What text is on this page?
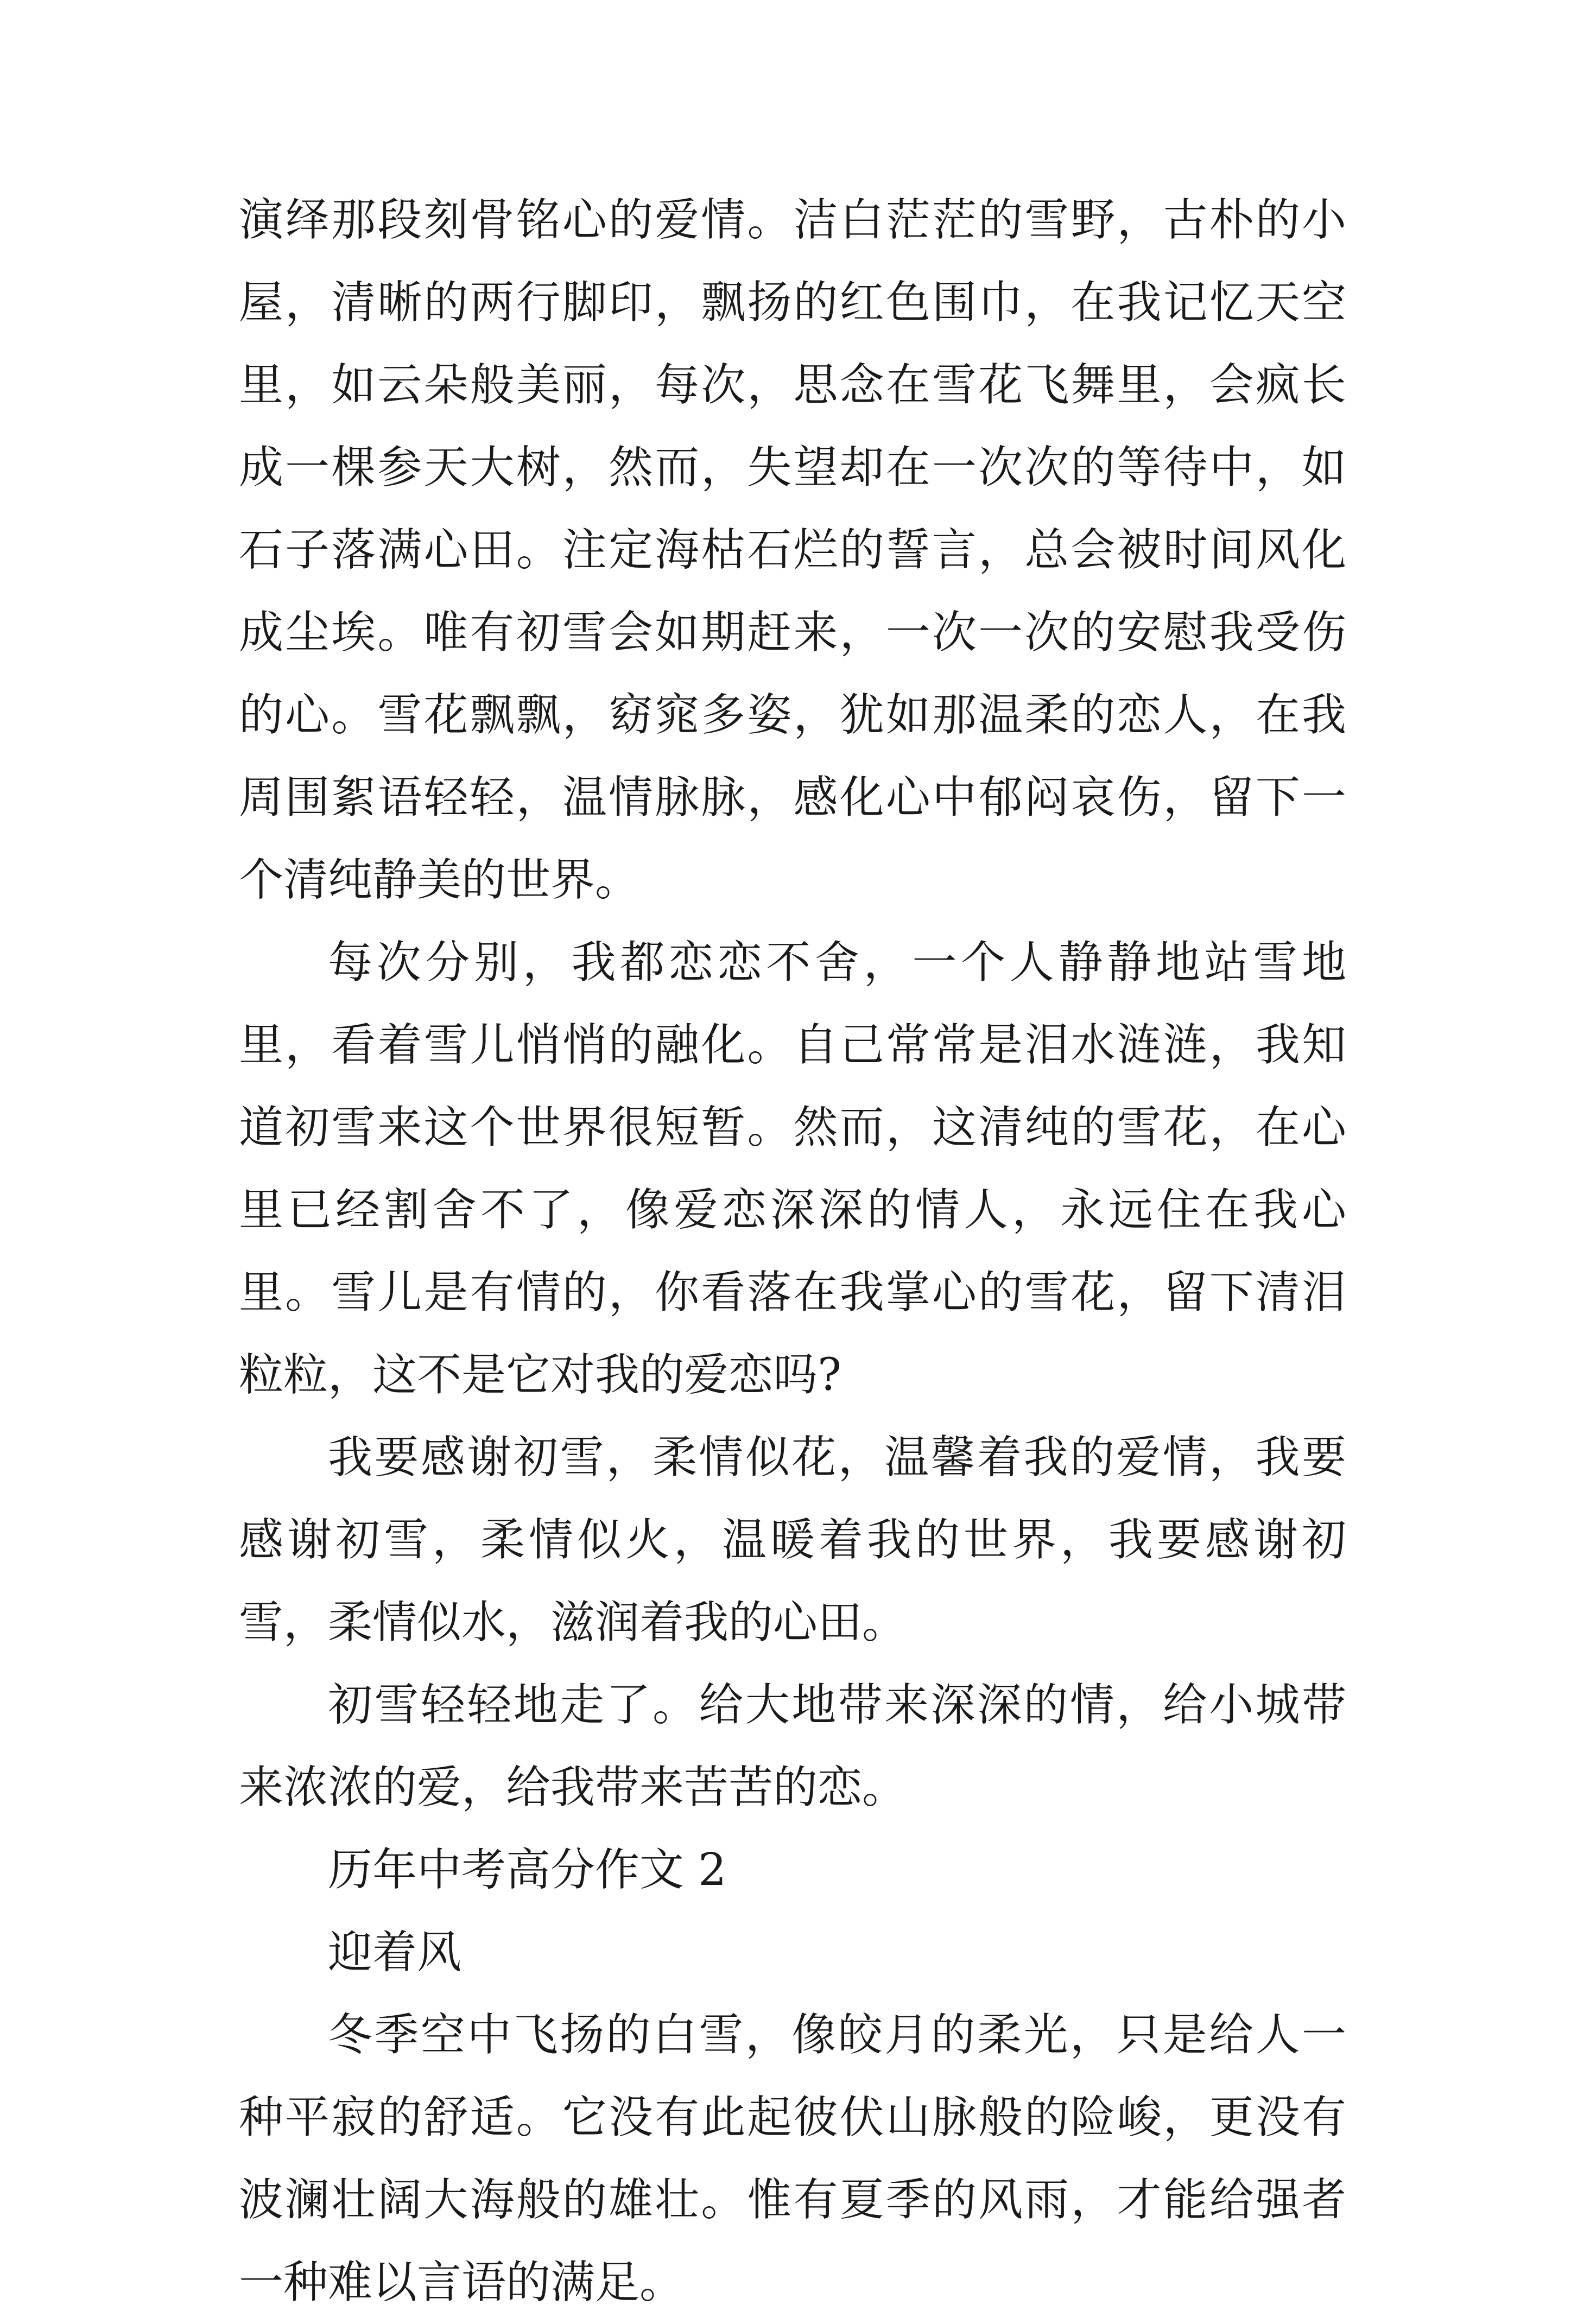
演绎那段刻骨铭心的爱情。洁白茫茫的雪野，古朴的小屋，清晰的两行脚印，飘扬的红色围巾，在我记忆天空里，如云朵般美丽，每次，思念在雪花飞舞里，会疯长成一棵参天大树，然而，失望却在一次次的等待中，如石子落满心田。注定海枯石烂的誓言，总会被时间风化成尘埃。唯有初雪会如期赶来，一次一次的安慰我受伤的心。雪花飘飘，窈窕多姿，犹如那温柔的恋人，在我周围絮语轻轻，温情脉脉，感化心中郁闷哀伤，留下一个清纯静美的世界。

每次分别，我都恋恋不舍，一个人静静地站雪地里，看着雪儿悄悄的融化。自己常常是泪水涟涟，我知道初雪来这个世界很短暂。然而，这清纯的雪花，在心里已经割舍不了，像爱恋深深的情人，永远住在我心里。雪儿是有情的，你看落在我掌心的雪花，留下清泪粒粒，这不是它对我的爱恋吗?

我要感谢初雪，柔情似花，温馨着我的爱情，我要感谢初雪，柔情似火，温暖着我的世界，我要感谢初雪，柔情似水，滋润着我的心田。

初雪轻轻地走了。给大地带来深深的情，给小城带来浓浓的爱，给我带来苦苦的恋。

历年中考高分作文 2

迎着风

冬季空中飞扬的白雪，像皎月的柔光，只是给人一种平寂的舒适。它没有此起彼伏山脉般的险峻，更没有波澜壮阔大海般的雄壮。惟有夏季的风雨，才能给强者一种难以言语的满足。
